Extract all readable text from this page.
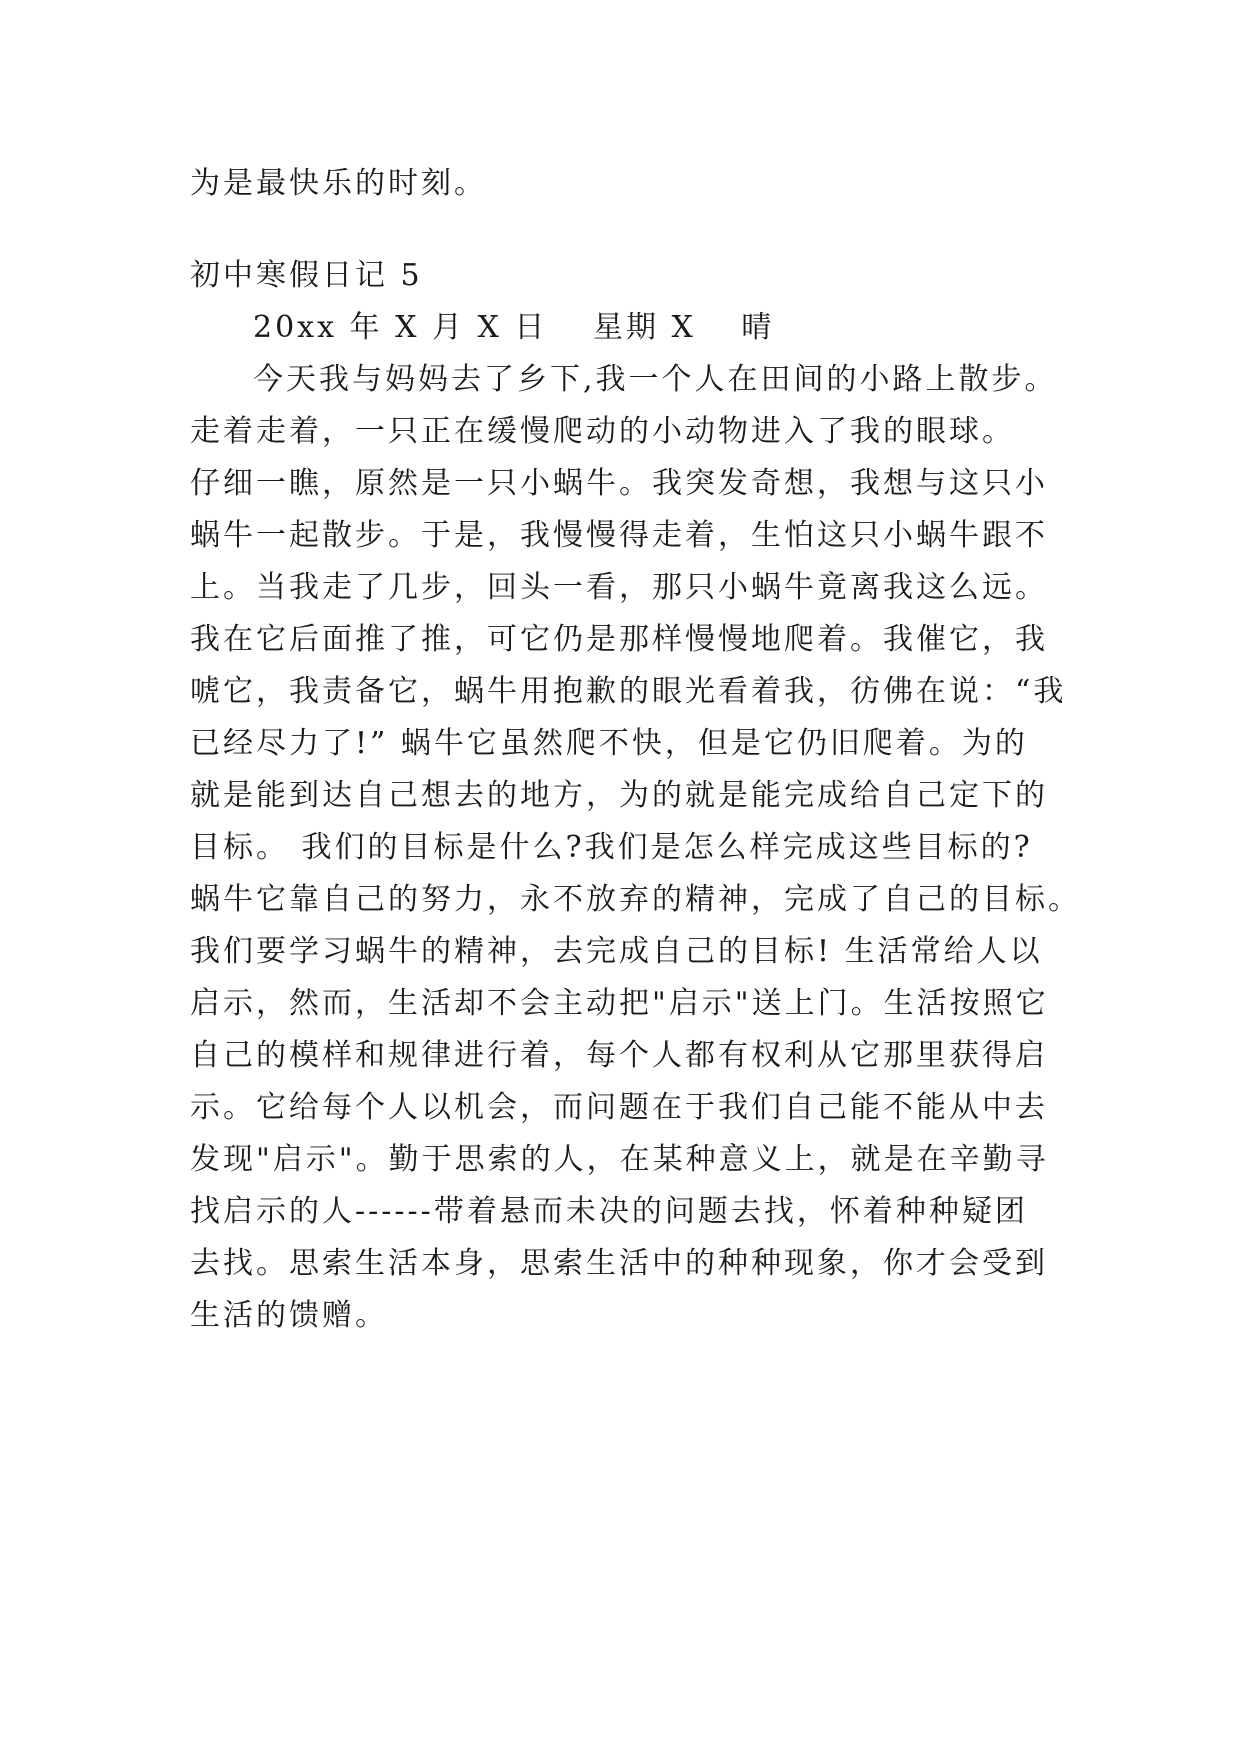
为是最快乐的时刻。
初中寒假日记 5
20xx 年 X 月 X 日　 星期 X　 晴
今天我与妈妈去了乡下,我一个人在田间的小路上散步。
走着走着，一只正在缓慢爬动的小动物进入了我的眼球。
仔细一瞧，原然是一只小蜗牛。我突发奇想，我想与这只小
蜗牛一起散步。于是，我慢慢得走着，生怕这只小蜗牛跟不
上。当我走了几步，回头一看，那只小蜗牛竟离我这么远。
我在它后面推了推，可它仍是那样慢慢地爬着。我催它，我
唬它，我责备它，蜗牛用抱歉的眼光看着我，彷佛在说：“我
已经尽力了!” 蜗牛它虽然爬不快，但是它仍旧爬着。为的
就是能到达自己想去的地方，为的就是能完成给自己定下的
目标。 我们的目标是什么?我们是怎么样完成这些目标的?
蜗牛它靠自己的努力，永不放弃的精神，完成了自己的目标。
我们要学习蜗牛的精神，去完成自己的目标! 生活常给人以
启示，然而，生活却不会主动把"启示"送上门。生活按照它
自己的模样和规律进行着，每个人都有权利从它那里获得启
示。它给每个人以机会，而问题在于我们自己能不能从中去
发现"启示"。勤于思索的人，在某种意义上，就是在辛勤寻
找启示的人------带着悬而未决的问题去找，怀着种种疑团
去找。思索生活本身，思索生活中的种种现象，你才会受到
生活的馈赠。
